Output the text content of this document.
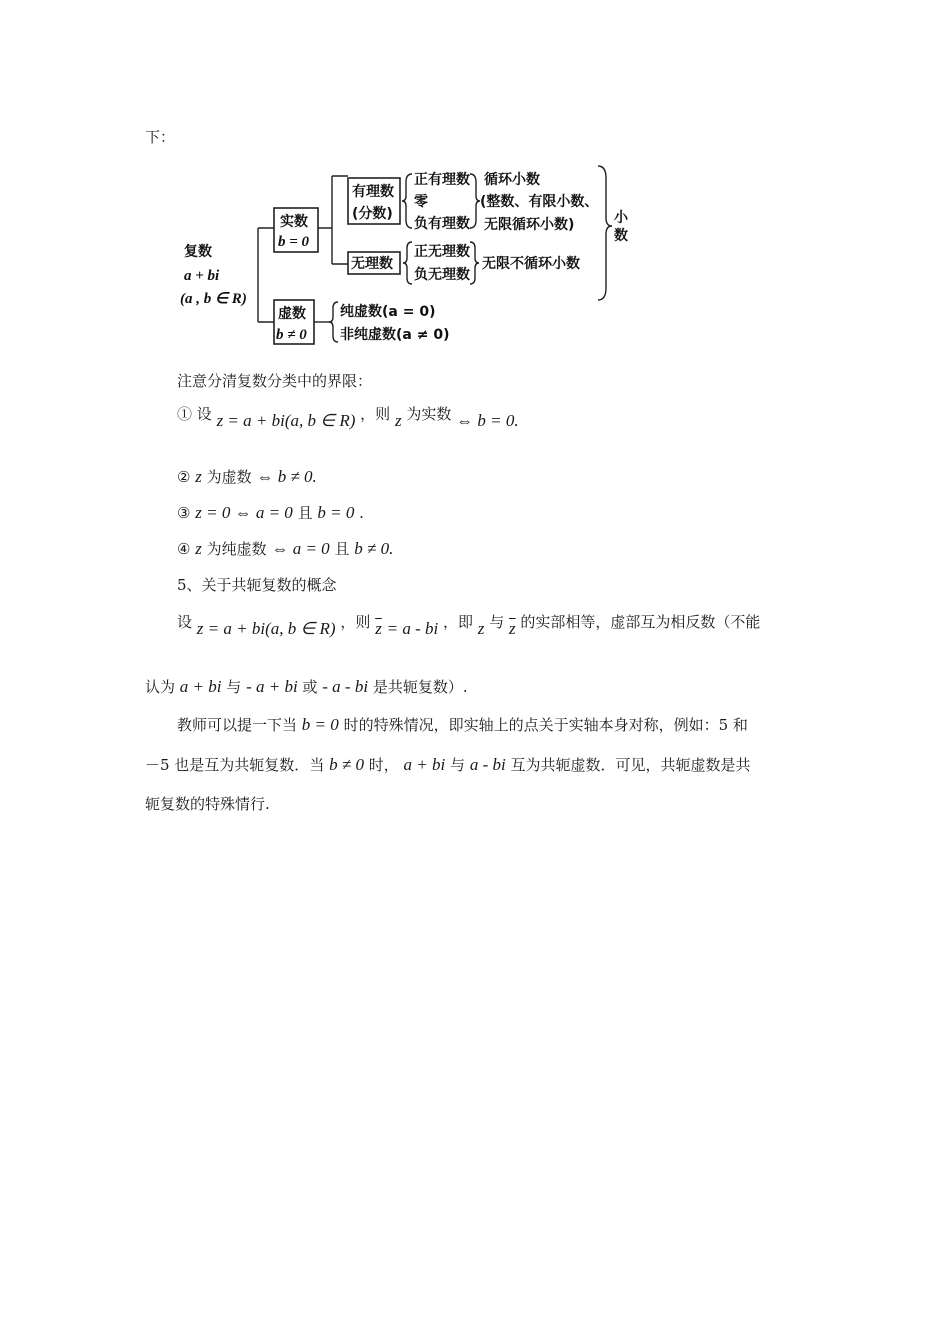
下：
复数
a + bi
(a , b ∈ R)
实数
b = 0
有理数
(分数)
正有理数
零
负有理数
循环小数
(整数、有限小数、
无限循环小数)
无理数
正无理数
负无理数
无限不循环小数
小
数
虚数
b ≠ 0
纯虚数(a = 0)
非纯虚数(a ≠ 0)
注意分清复数分类中的界限：
① 设 z = a + bi(a, b ∈ R) ，则 z 为实数 ⇔ b = 0.
② z 为虚数 ⇔ b ≠ 0.
③ z = 0 ⇔ a = 0 且 b = 0 .
④ z 为纯虚数 ⇔ a = 0 且 b ≠ 0.
5、关于共轭复数的概念
设 z = a + bi(a, b ∈ R) ，则 $\overline{z} = a$ - bi ，即 z 与 $\overline{z}$ 的实部相等，虚部互为相反数（不能
认为 a + bi 与 - a + bi 或 - a - bi 是共轭复数）.
教师可以提一下当 b = 0 时的特殊情况，即实轴上的点关于实轴本身对称，例如：5 和
－5 也是互为共轭复数．当 b ≠ 0 时， a + bi 与 a - bi 互为共轭虚数．可见，共轭虚数是共
轭复数的特殊情行.
